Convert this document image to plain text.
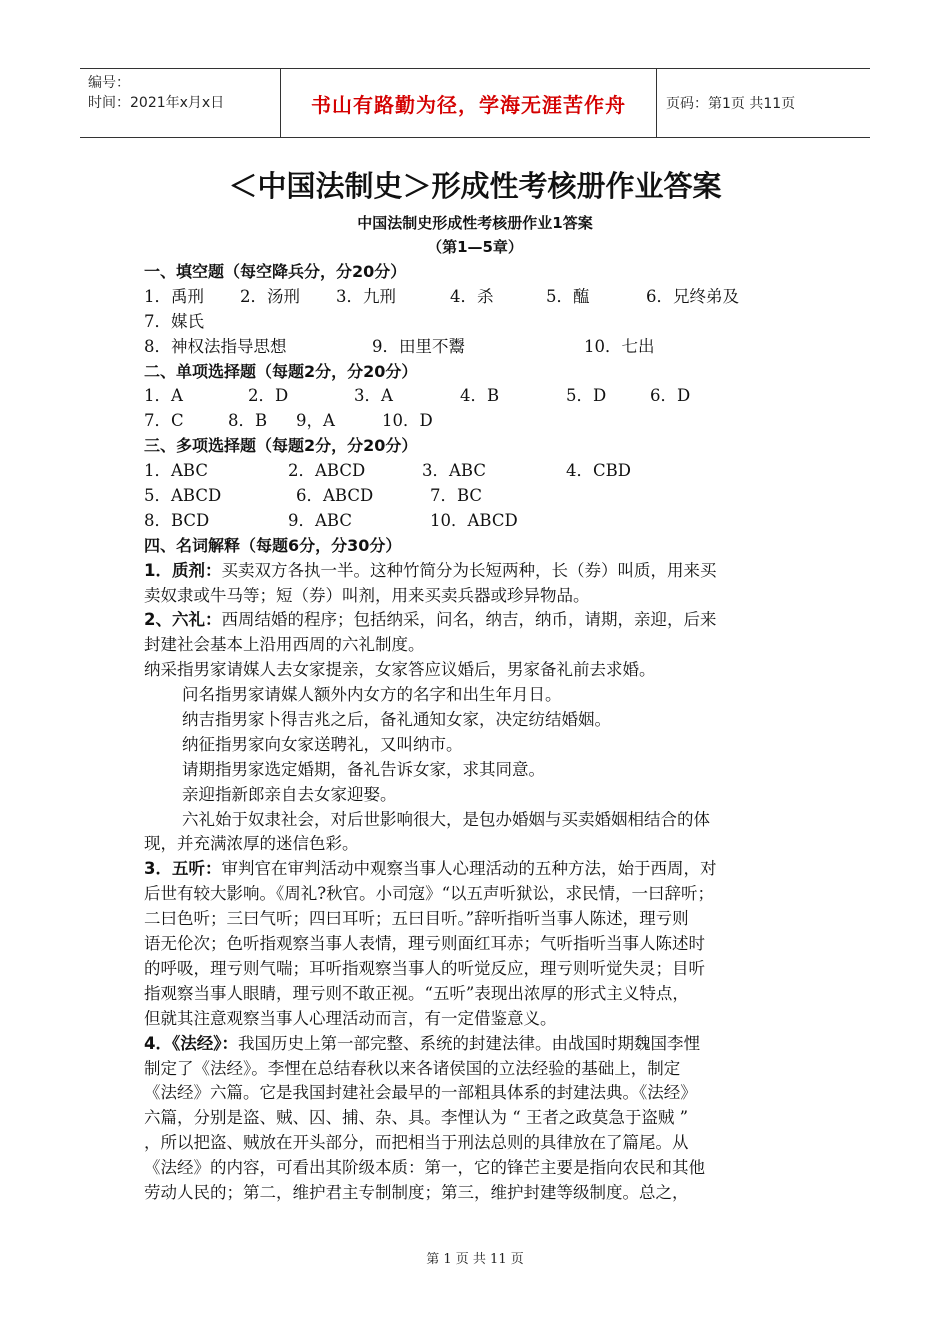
编号：
时间：2021年x月x日	书山有路勤为径，学海无涯苦作舟	页码：第1页 共11页
＜中国法制史＞形成性考核册作业答案
中国法制史形成性考核册作业1答案
（第1—5章）
一、填空题（每空降兵分，分20分）
1．禹刑 2．汤刑 3．九刑	4．杀	5．醢	6．兄终弟及
7．媒氏
8．神权法指导思想	9．田里不鬻	10．七出
二、单项选择题（每题2分，分20分）
1．A	2．D	3．A	4．B	5．D	6．D
7．C	8．B 9，A	10．D
三、多项选择题（每题2分，分20分）
1．ABC	2．ABCD	3．ABC	4．CBD
5．ABCD	6．ABCD	7．BC
8．BCD	9．ABC	10．ABCD
四、名词解释（每题6分，分30分）
1．质剂：买卖双方各执一半。这种竹简分为长短两种，长（券）叫质，用来买
卖奴隶或牛马等；短（券）叫剂，用来买卖兵器或珍异物品。
2、六礼：西周结婚的程序；包括纳采，问名，纳吉，纳币，请期，亲迎，后来
封建社会基本上沿用西周的六礼制度。
纳采指男家请媒人去女家提亲，女家答应议婚后，男家备礼前去求婚。
问名指男家请媒人额外内女方的名字和出生年月日。
纳吉指男家卜得吉兆之后，备礼通知女家，决定纺结婚姻。
纳征指男家向女家送聘礼，又叫纳市。
请期指男家选定婚期，备礼告诉女家，求其同意。
亲迎指新郎亲自去女家迎娶。
六礼始于奴隶社会，对后世影响很大，是包办婚姻与买卖婚姻相结合的体
现，并充满浓厚的迷信色彩。
3．五听：审判官在审判活动中观察当事人心理活动的五种方法，始于西周，对
后世有较大影响。《周礼?秋官。小司寇》“以五声听狱讼，求民情，一曰辞听；
二曰色听；三曰气听；四曰耳听；五曰目听。”辞听指听当事人陈述，理亏则
语无伦次；色听指观察当事人表情，理亏则面红耳赤；气听指听当事人陈述时
的呼吸，理亏则气喘；耳听指观察当事人的听觉反应，理亏则听觉失灵；目听
指观察当事人眼睛，理亏则不敢正视。“五听”表现出浓厚的形式主义特点，
但就其注意观察当事人心理活动而言，有一定借鉴意义。
4．《法经》：我国历史上第一部完整、系统的封建法律。由战国时期魏国李悝
制定了《法经》。李悝在总结春秋以来各诸侯国的立法经验的基础上，制定
《法经》六篇。它是我国封建社会最早的一部粗具体系的封建法典。《法经》
六篇，分别是盗、贼、囚、捕、杂、具。李悝认为 “ 王者之政莫急于盗贼 ”
，所以把盗、贼放在开头部分，而把相当于刑法总则的具律放在了篇尾。从
《法经》的内容，可看出其阶级本质：第一，它的锋芒主要是指向农民和其他
劳动人民的；第二，维护君主专制制度；第三，维护封建等级制度。总之，
第 1 页 共 11 页
